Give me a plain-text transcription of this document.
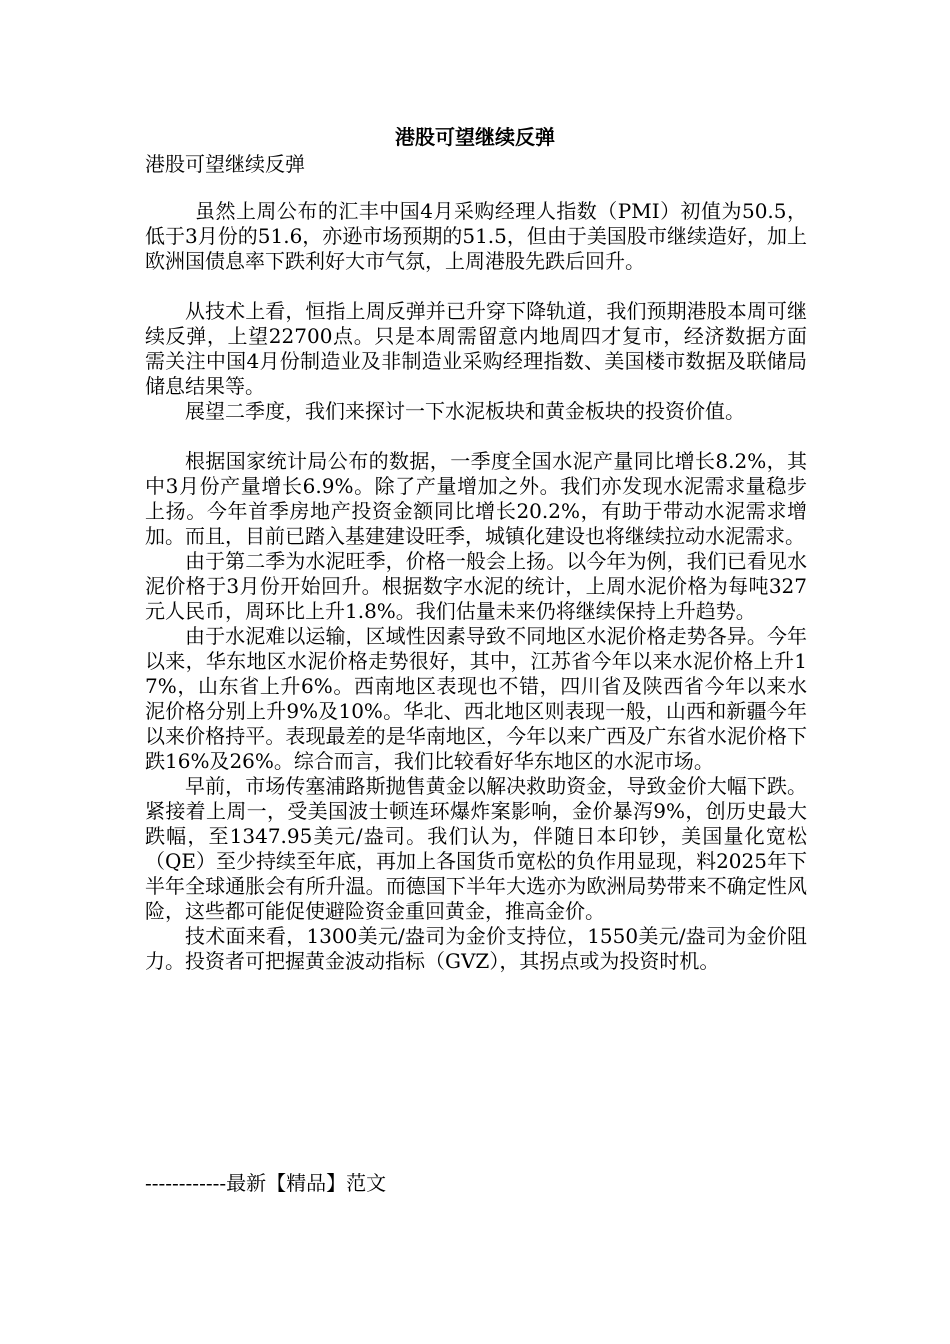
港股可望继续反弹

港股可望继续反弹

虽然上周公布的汇丰中国4月采购经理人指数（PMI）初值为50.5，低于3月份的51.6，亦逊市场预期的51.5，但由于美国股市继续造好，加上欧洲国债息率下跌利好大市气氛，上周港股先跌后回升。

从技术上看，恒指上周反弹并已升穿下降轨道，我们预期港股本周可继续反弹，上望22700点。只是本周需留意内地周四才复市，经济数据方面需关注中国4月份制造业及非制造业采购经理指数、美国楼市数据及联储局储息结果等。

展望二季度，我们来探讨一下水泥板块和黄金板块的投资价值。

根据国家统计局公布的数据，一季度全国水泥产量同比增长8.2%，其中3月份产量增长6.9%。除了产量增加之外。我们亦发现水泥需求量稳步上扬。今年首季房地产投资金额同比增长20.2%，有助于带动水泥需求增加。而且，目前已踏入基建建设旺季，城镇化建设也将继续拉动水泥需求。

由于第二季为水泥旺季，价格一般会上扬。以今年为例，我们已看见水泥价格于3月份开始回升。根据数字水泥的统计，上周水泥价格为每吨327元人民币，周环比上升1.8%。我们估量未来仍将继续保持上升趋势。

由于水泥难以运输，区域性因素导致不同地区水泥价格走势各异。今年以来，华东地区水泥价格走势很好，其中，江苏省今年以来水泥价格上升17%，山东省上升6%。西南地区表现也不错，四川省及陕西省今年以来水泥价格分别上升9%及10%。华北、西北地区则表现一般，山西和新疆今年以来价格持平。表现最差的是华南地区，今年以来广西及广东省水泥价格下跌16%及26%。综合而言，我们比较看好华东地区的水泥市场。

早前，市场传塞浦路斯抛售黄金以解决救助资金，导致金价大幅下跌。紧接着上周一，受美国波士顿连环爆炸案影响，金价暴泻9%，创历史最大跌幅，至1347.95美元/盎司。我们认为，伴随日本印钞，美国量化宽松（QE）至少持续至年底，再加上各国货币宽松的负作用显现，料2025年下半年全球通胀会有所升温。而德国下半年大选亦为欧洲局势带来不确定性风险，这些都可能促使避险资金重回黄金，推高金价。

技术面来看，1300美元/盎司为金价支持位，1550美元/盎司为金价阻力。投资者可把握黄金波动指标（GVZ），其拐点或为投资时机。

------------最新【精品】范文
